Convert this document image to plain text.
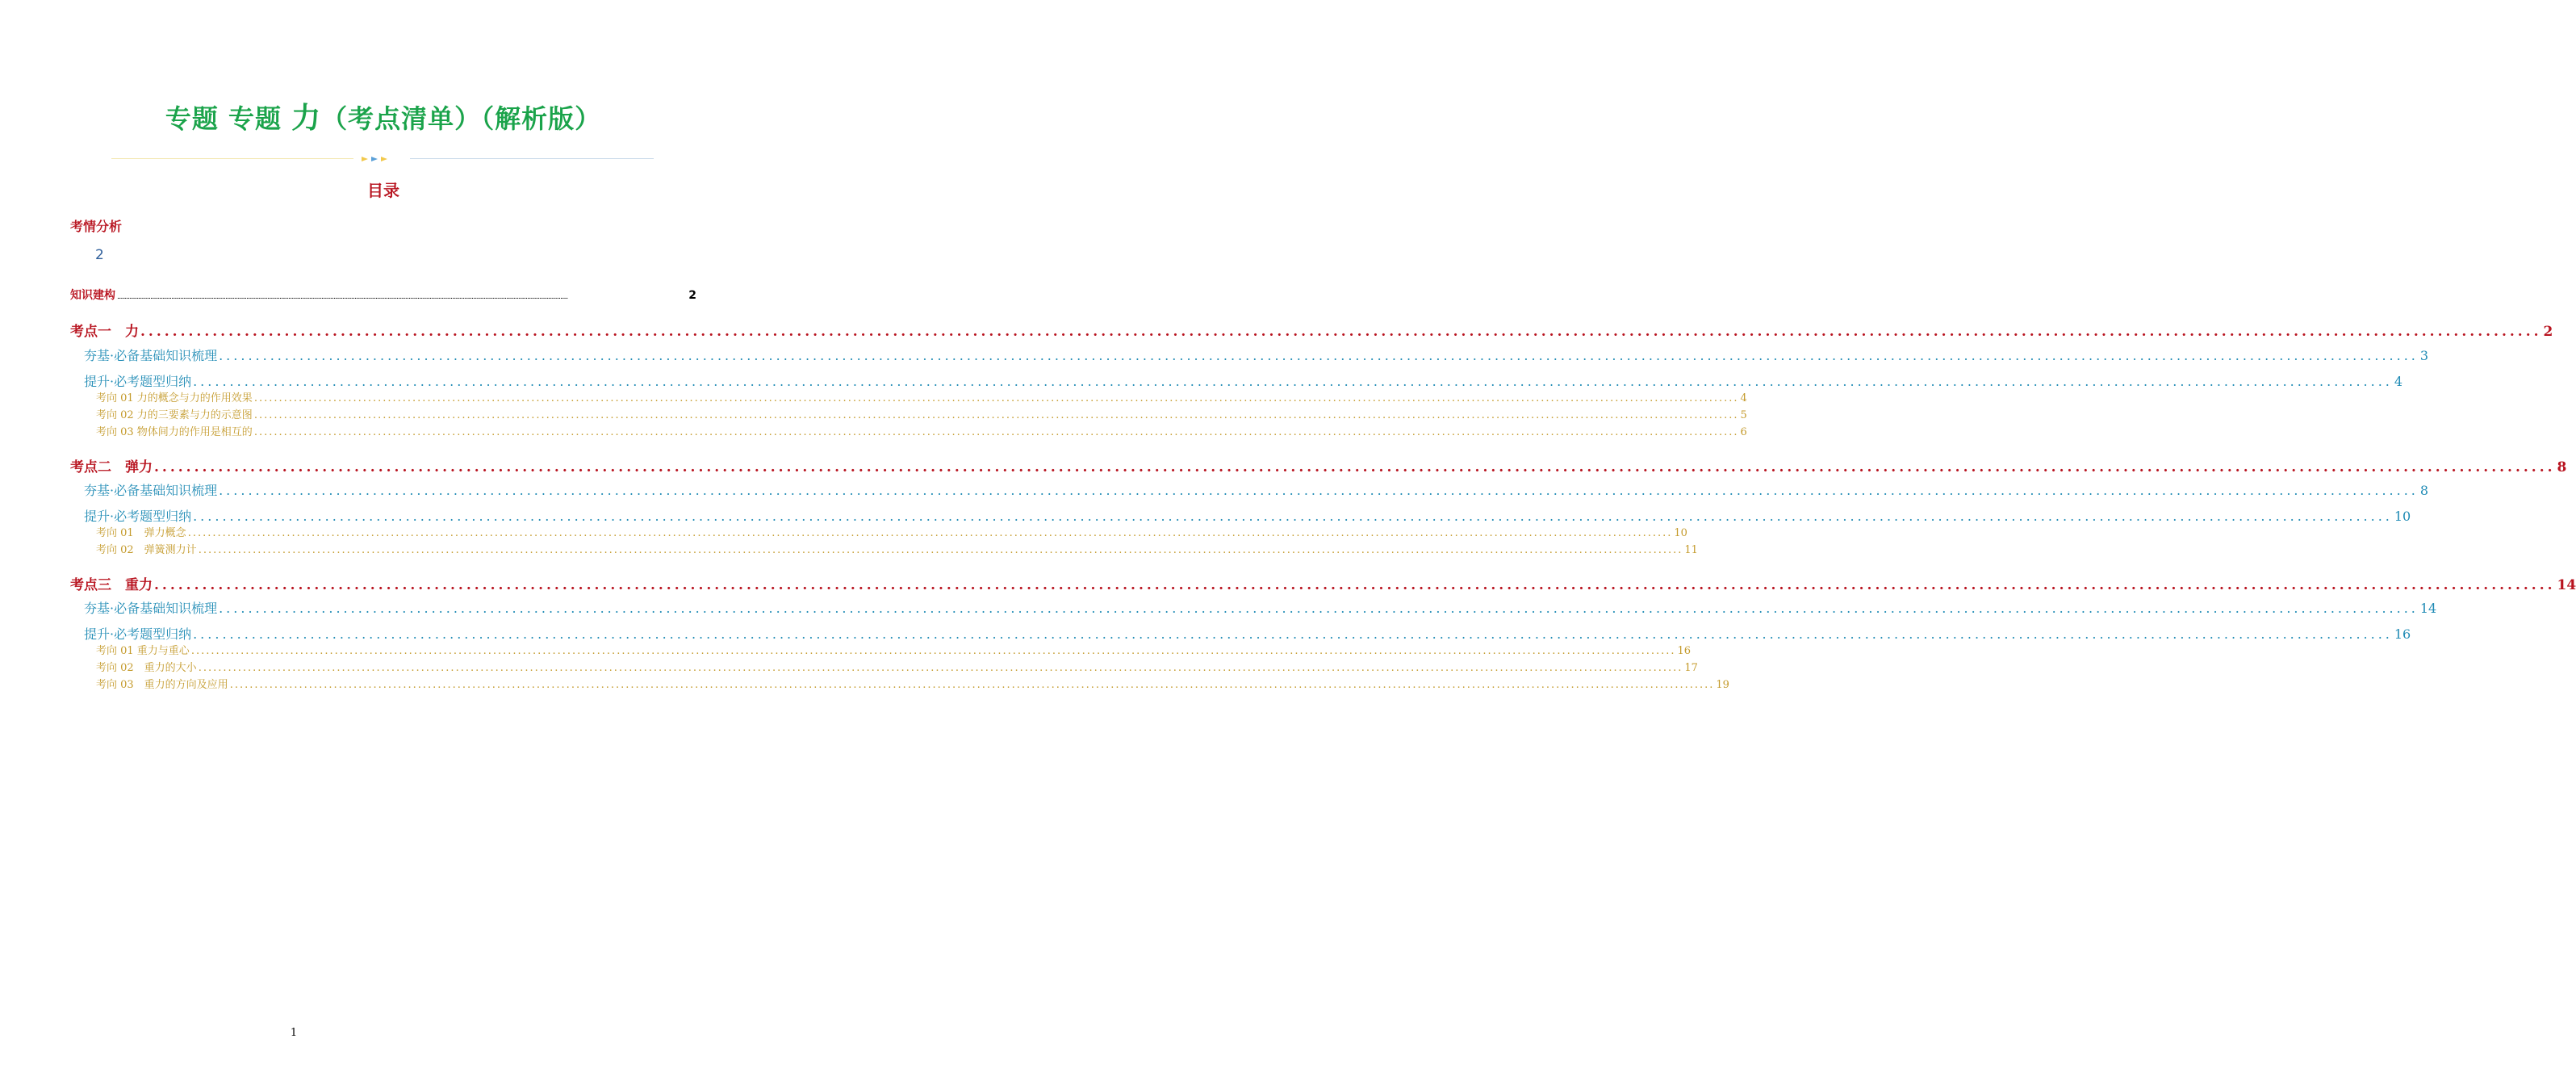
专题 专题 力（考点清单）（解析版）
目录
考情分析
2
知识建构 ............................................................................................................................................................................................................................................................................................................	2
考点一　力 ............................................................................................................................................................................................................................................................................................................ 2
夯基·必备基础知识梳理 ............................................................................................................................................................................................................................................................................................................ 3
提升·必考题型归纳 ............................................................................................................................................................................................................................................................................................................ 4
考向 01 力的概念与力的作用效果 ............................................................................................................................................................................................................................................................................................................ 4
考向 02 力的三要素与力的示意图 ............................................................................................................................................................................................................................................................................................................ 5
考向 03 物体间力的作用是相互的 ............................................................................................................................................................................................................................................................................................................ 6
考点二　弹力 ............................................................................................................................................................................................................................................................................................................ 8
夯基·必备基础知识梳理 ............................................................................................................................................................................................................................................................................................................ 8
提升·必考题型归纳 ............................................................................................................................................................................................................................................................................................................ 10
考向 01　弹力概念 ............................................................................................................................................................................................................................................................................................................ 10
考向 02　弹簧测力计 ............................................................................................................................................................................................................................................................................................................ 11
考点三　重力 ............................................................................................................................................................................................................................................................................................................ 14
夯基·必备基础知识梳理 ............................................................................................................................................................................................................................................................................................................ 14
提升·必考题型归纳 ............................................................................................................................................................................................................................................................................................................ 16
考向 01 重力与重心 ............................................................................................................................................................................................................................................................................................................ 16
考向 02　重力的大小 ............................................................................................................................................................................................................................................................................................................ 17
考向 03　重力的方向及应用 ............................................................................................................................................................................................................................................................................................................ 19
1
